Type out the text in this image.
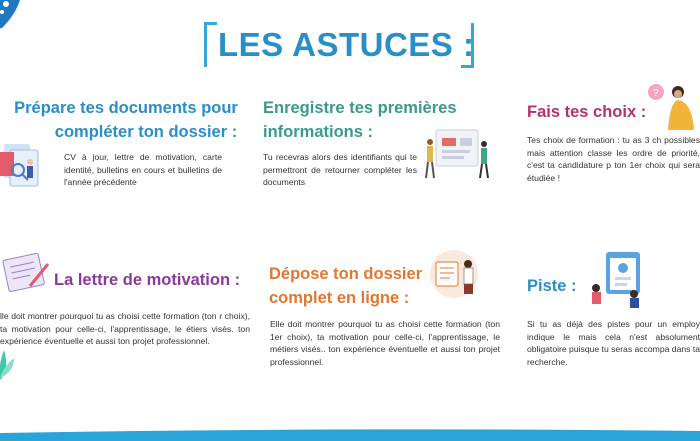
LES ASTUCES :
Prépare tes documents pour
compléter ton dossier :
CV à jour, lettre de motivation, carte identité, bulletins en cours et bulletins de l'année précédente
Enregistre tes premières
informations :
Tu recevras alors des identifiants qui te permettront de retourner compléter les documents
Fais tes choix :
?
Tes choix de formation : tu as 3 ch possibles mais attention classe les ordre de priorité, c'est ta candidature p ton 1er choix qui sera étudiée !
La lettre de motivation :
lle doit montrer pourquoi tu as choisi cette formation (ton r choix), ta motivation pour celle-ci, l'apprentissage, le étiers visés. ton expérience éventuelle et aussi ton projet professionnel.
Dépose ton dossier
complet en ligne :
Elle doit montrer pourquoi tu as choisi cette formation (ton 1er choix), ta motivation pour celle-ci, l'apprentissage, le métiers visés.. ton expérience éventuelle et aussi ton projet professionnel.
Piste :
Si tu as déjà des pistes pour un employ indique le mais cela n'est absolument obligatoire puisque tu seras accompa dans ta recherche.
